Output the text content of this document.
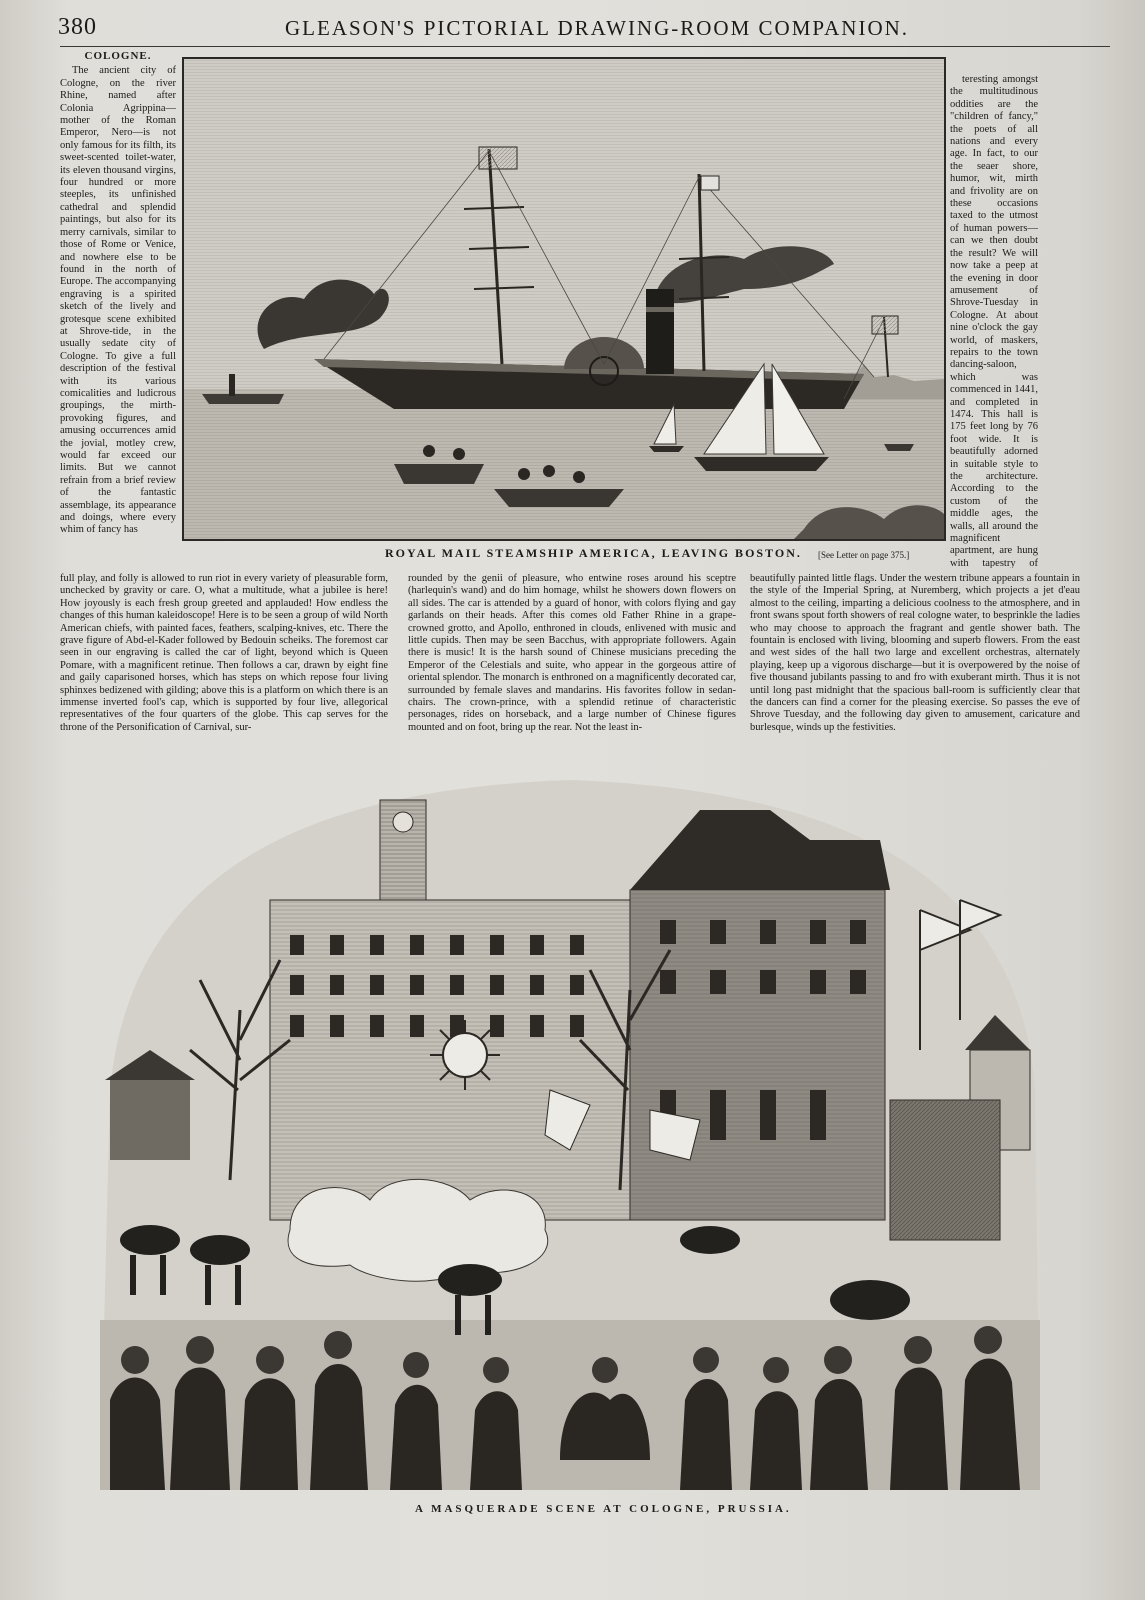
380	GLEASON'S PICTORIAL DRAWING-ROOM COMPANION.
COLOGNE.

The ancient city of Cologne, on the river Rhine, named after Colonia Agrippina—mother of the Roman Emperor, Nero—is not only famous for its filth, its sweet-scented toilet-water, its eleven thousand virgins, four hundred or more steeples, its unfinished cathedral and splendid paintings, but also for its merry carnivals, similar to those of Rome or Venice, and nowhere else to be found in the north of Europe. The accompanying engraving is a spirited sketch of the lively and grotesque scene exhibited at Shrove-tide, in the usually sedate city of Cologne. To give a full description of the festival with its various comicalities and ludicrous groupings, the mirth-provoking figures, and amusing occurrences amid the jovial, motley crew, would far exceed our limits. But we cannot refrain from a brief review of the fantastic assemblage, its appearance and doings, where every whim of fancy has

teresting amongst the multitudinous oddities are the "children of fancy," the poets of all nations and every age. In fact, to our the seaer shore, humor, wit, mirth and frivolity are on these occasions taxed to the utmost of human powers—can we then doubt the result? We will now take a peep at the evening in door amusement of Shrove-Tuesday in Cologne. At about nine o'clock the gay world, of maskers, repairs to the town dancing-saloon, which was commenced in 1441, and completed in 1474. This hall is 175 feet long by 76 foot wide. It is beautifully adorned in suitable style to the architecture. According to the custom of the middle ages, the walls, all around the magnificent apartment, are hung with tapestry of

ROYAL MAIL STEAMSHIP AMERICA, LEAVING BOSTON. [See Letter on page 375.]

full play, and folly is allowed to run riot in every variety of pleasurable form, unchecked by gravity or care. O, what a multitude, what a jubilee is here! How joyously is each fresh group greeted and applauded! How endless the changes of this human kaleidoscope! Here is to be seen a group of wild North American chiefs, with painted faces, feathers, scalping-knives, etc. There the grave figure of Abd-el-Kader followed by Bedouin scheiks. The foremost car seen in our engraving is called the car of light, beyond which is Queen Pomare, with a magnificent retinue. Then follows a car, drawn by eight fine and gaily caparisoned horses, which has steps on which repose four living sphinxes bedizened with gilding; above this is a platform on which there is an immense inverted fool's cap, which is supported by four live, allegorical representatives of the four quarters of the globe. This cap serves for the throne of the Personification of Carnival, sur-

rounded by the genii of pleasure, who entwine roses around his sceptre (harlequin's wand) and do him homage, whilst he showers down flowers on all sides. The car is attended by a guard of honor, with colors flying and gay garlands on their heads. After this comes old Father Rhine in a grape-crowned grotto, and Apollo, enthroned in clouds, enlivened with music and little cupids. Then may be seen Bacchus, with appropriate followers. Again there is music! It is the harsh sound of Chinese musicians preceding the Emperor of the Celestials and suite, who appear in the gorgeous attire of oriental splendor. The monarch is enthroned on a magnificently decorated car, surrounded by female slaves and mandarins. His favorites follow in sedan-chairs. The crown-prince, with a splendid retinue of characteristic personages, rides on horseback, and a large number of Chinese figures mounted and on foot, bring up the rear. Not the least in-

beautifully painted little flags. Under the western tribune appears a fountain in the style of the Imperial Spring, at Nuremberg, which projects a jet d'eau almost to the ceiling, imparting a delicious coolness to the atmosphere, and in front swans spout forth showers of real cologne water, to besprinkle the ladies who may choose to approach the fragrant and gentle shower bath. The fountain is enclosed with living, blooming and superb flowers. From the east and west sides of the hall two large and excellent orchestras, alternately playing, keep up a vigorous discharge—but it is overpowered by the noise of five thousand jubilants passing to and fro with exuberant mirth. Thus it is not until long past midnight that the spacious ball-room is sufficiently clear that the dancers can find a corner for the pleasing exercise. So passes the eve of Shrove Tuesday, and the following day given to amusement, caricature and burlesque, winds up the festivities.

A MASQUERADE SCENE AT COLOGNE, PRUSSIA.
